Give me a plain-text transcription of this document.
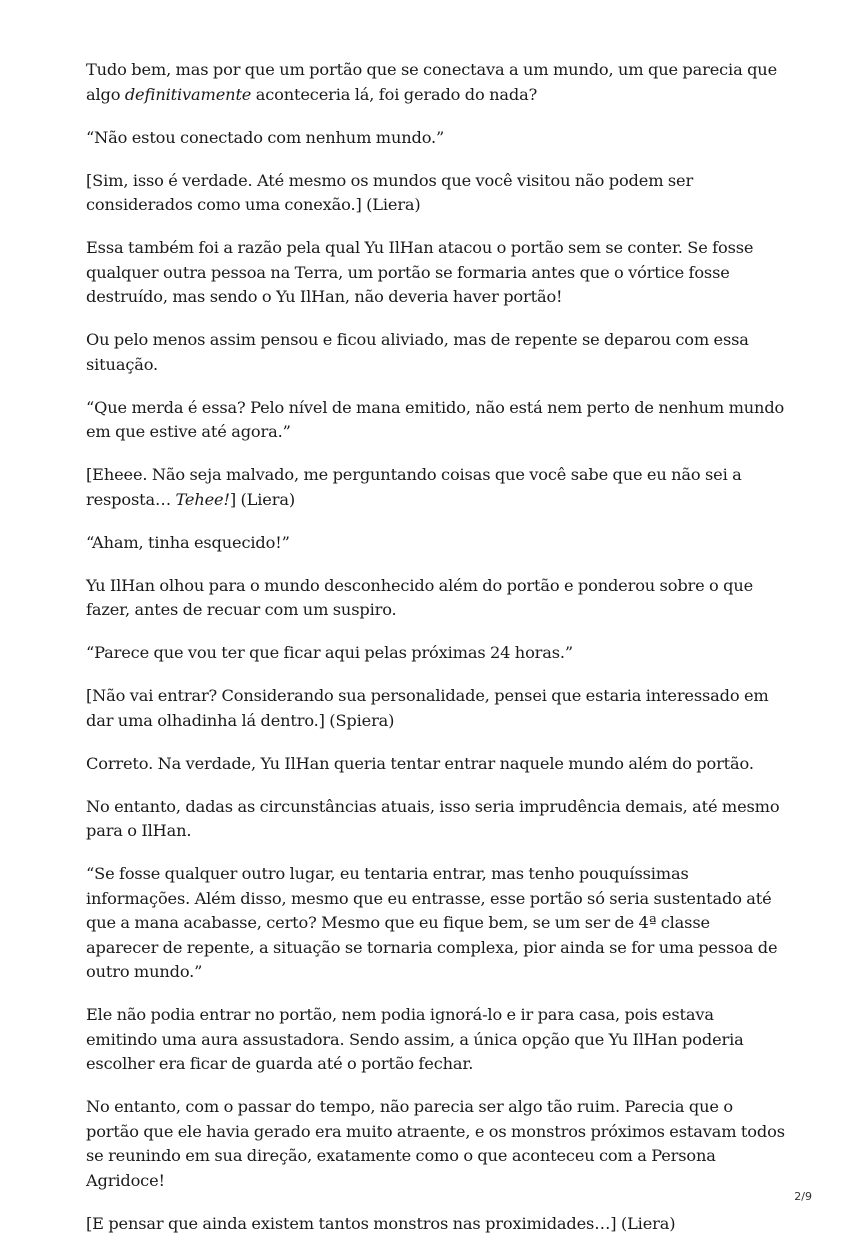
Tudo bem, mas por que um portão que se conectava a um mundo, um que parecia que algo definitivamente aconteceria lá, foi gerado do nada?

“Não estou conectado com nenhum mundo.”

[Sim, isso é verdade. Até mesmo os mundos que você visitou não podem ser considerados como uma conexão.] (Liera)

Essa também foi a razão pela qual Yu IlHan atacou o portão sem se conter. Se fosse qualquer outra pessoa na Terra, um portão se formaria antes que o vórtice fosse destruído, mas sendo o Yu IlHan, não deveria haver portão!

Ou pelo menos assim pensou e ficou aliviado, mas de repente se deparou com essa situação.

“Que merda é essa? Pelo nível de mana emitido, não está nem perto de nenhum mundo em que estive até agora.”

[Eheee. Não seja malvado, me perguntando coisas que você sabe que eu não sei a resposta… Tehee!] (Liera)

“Aham, tinha esquecido!”

Yu IlHan olhou para o mundo desconhecido além do portão e ponderou sobre o que fazer, antes de recuar com um suspiro.

“Parece que vou ter que ficar aqui pelas próximas 24 horas.”

[Não vai entrar? Considerando sua personalidade, pensei que estaria interessado em dar uma olhadinha lá dentro.] (Spiera)

Correto. Na verdade, Yu IlHan queria tentar entrar naquele mundo além do portão.

No entanto, dadas as circunstâncias atuais, isso seria imprudência demais, até mesmo para o IlHan.

“Se fosse qualquer outro lugar, eu tentaria entrar, mas tenho pouquíssimas informações. Além disso, mesmo que eu entrasse, esse portão só seria sustentado até que a mana acabasse, certo? Mesmo que eu fique bem, se um ser de 4ª classe aparecer de repente, a situação se tornaria complexa, pior ainda se for uma pessoa de outro mundo.”

Ele não podia entrar no portão, nem podia ignorá-lo e ir para casa, pois estava emitindo uma aura assustadora. Sendo assim, a única opção que Yu IlHan poderia escolher era ficar de guarda até o portão fechar.

No entanto, com o passar do tempo, não parecia ser algo tão ruim. Parecia que o portão que ele havia gerado era muito atraente, e os monstros próximos estavam todos se reunindo em sua direção, exatamente como o que aconteceu com a Persona Agridoce!

[E pensar que ainda existem tantos monstros nas proximidades…] (Liera)

2/9
